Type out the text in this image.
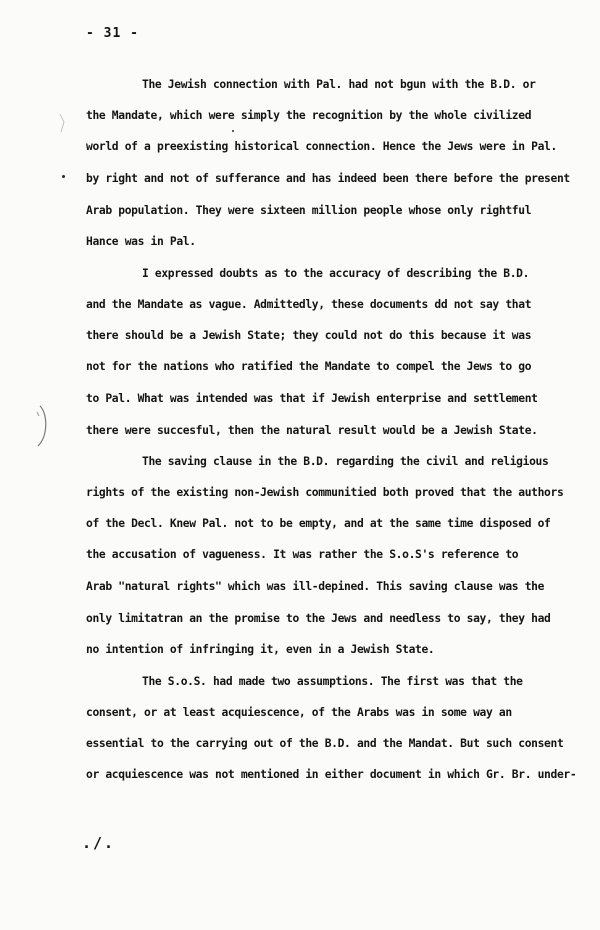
- 31 -
The Jewish connection with Pal. had not bgun with the B.D. or
the Mandate, which were simply the recognition by the whole civilized
world of a preexisting historical connection. Hence the Jews were in Pal.
by right and not of sufferance and has indeed been there before the present
Arab population. They were sixteen million people whose only rightful
Hance was in Pal.
I expressed doubts as to the accuracy of describing the B.D.
and the Mandate as vague. Admittedly, these documents dd not say that
there should be a Jewish State; they could not do this because it was
not for the nations who ratified the Mandate to compel the Jews to go
to Pal. What was intended was that if Jewish enterprise and settlement
there were succesful, then the natural result would be a Jewish State.
The saving clause in the B.D. regarding the civil and religious
rights of the existing non-Jewish communitied both proved that the authors
of the Decl. Knew Pal. not to be empty, and at the same time disposed of
the accusation of vagueness. It was rather the S.o.S's reference to
Arab "natural rights" which was ill-depined. This saving clause was the
only limitatran an the promise to the Jews and needless to say, they had
no intention of infringing it, even in a Jewish State.
The S.o.S. had made two assumptions. The first was that the
consent, or at least acquiescence, of the Arabs was in some way an
essential to the carrying out of the B.D. and the Mandat. But such consent
or acquiescence was not mentioned in either document in which Gr. Br. under-
./.
